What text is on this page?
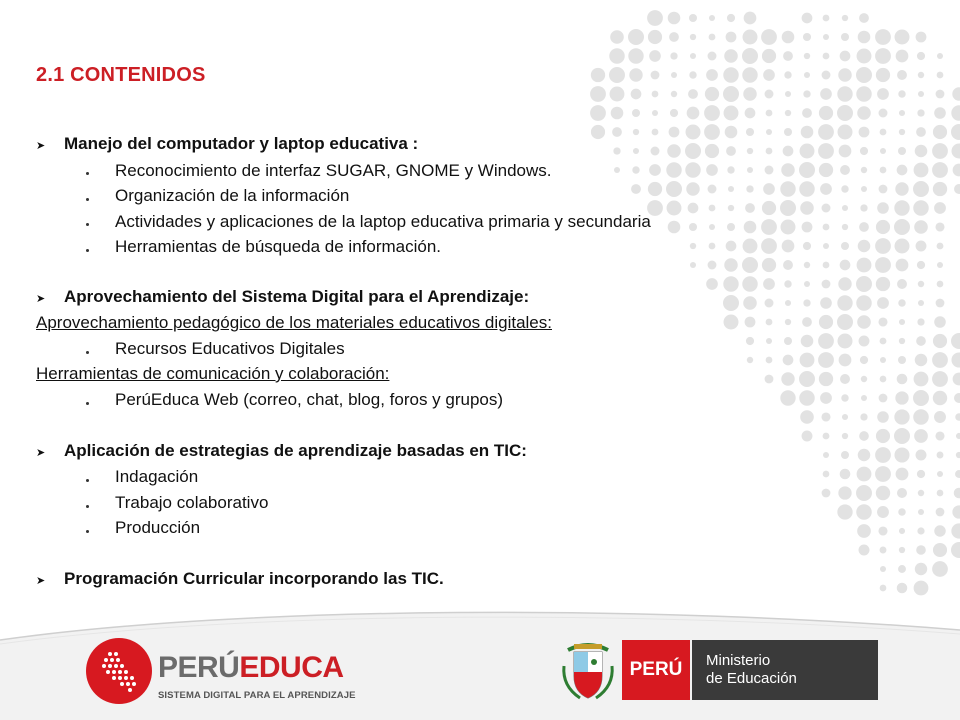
2.1 CONTENIDOS
➤ Manejo del computador y laptop educativa :
Reconocimiento de interfaz SUGAR, GNOME y Windows.
Organización de la información
Actividades y aplicaciones de la laptop educativa primaria y secundaria
Herramientas de búsqueda de información.
➤ Aprovechamiento del Sistema Digital para el Aprendizaje:
Aprovechamiento pedagógico de los materiales educativos digitales:
Recursos Educativos Digitales
Herramientas de comunicación y colaboración:
PerúEduca Web (correo, chat, blog, foros y grupos)
➤ Aplicación de estrategias de aprendizaje basadas en TIC:
Indagación
Trabajo colaborativo
Producción
➤ Programación Curricular incorporando las TIC.
PERÚEDUCA
SISTEMA DIGITAL PARA EL APRENDIZAJE
PERÚ	Ministerio
de Educación
